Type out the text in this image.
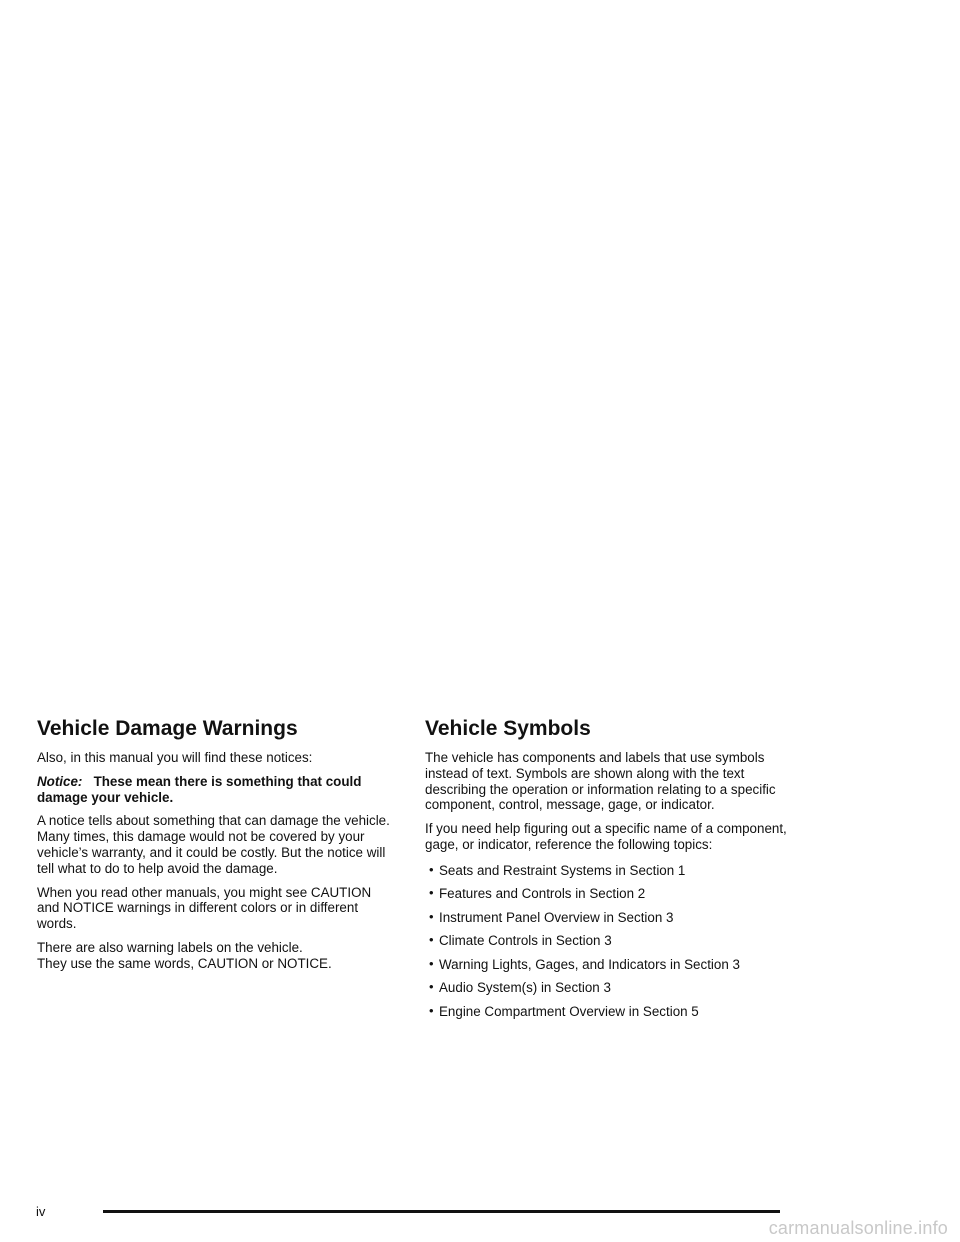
Vehicle Damage Warnings

Also, in this manual you will find these notices:

Notice: These mean there is something that could damage your vehicle.

A notice tells about something that can damage the vehicle. Many times, this damage would not be covered by your vehicle’s warranty, and it could be costly. But the notice will tell what to do to help avoid the damage.

When you read other manuals, you might see CAUTION and NOTICE warnings in different colors or in different words.

There are also warning labels on the vehicle.
They use the same words, CAUTION or NOTICE.

Vehicle Symbols

The vehicle has components and labels that use symbols instead of text. Symbols are shown along with the text describing the operation or information relating to a specific component, control, message, gage, or indicator.

If you need help figuring out a specific name of a component, gage, or indicator, reference the following topics:

• Seats and Restraint Systems in Section 1
• Features and Controls in Section 2
• Instrument Panel Overview in Section 3
• Climate Controls in Section 3
• Warning Lights, Gages, and Indicators in Section 3
• Audio System(s) in Section 3
• Engine Compartment Overview in Section 5
iv
carmanualsonline.info
